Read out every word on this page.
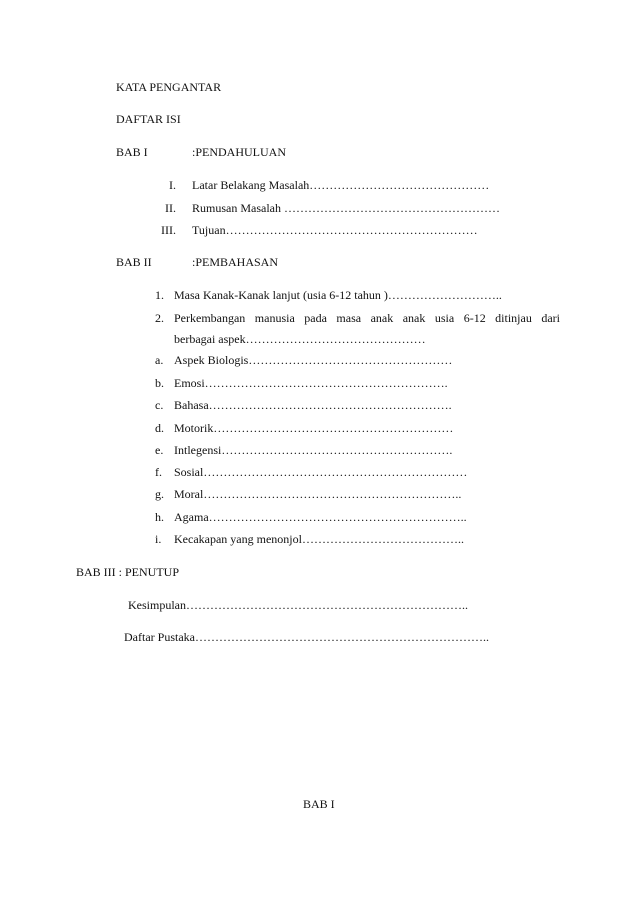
KATA PENGANTAR
DAFTAR ISI
BAB I	:PENDAHULUAN
I. Latar Belakang Masalah………………………………………
II. Rumusan Masalah ………………………………………………
III. Tujuan………………………………………………………
BAB II	:PEMBAHASAN
1. Masa Kanak-Kanak lanjut (usia 6-12 tahun )………………………..
2. Perkembangan manusia pada masa anak anak usia 6-12 ditinjau dari
berbagai aspek………………………………………
a. Aspek Biologis……………………………………………
b. Emosi…………………………………………………….
c. Bahasa…………………………………………………….
d. Motorik……………………………………………………
e. Intlegensi………………………………………………….
f. Sosial…………………………………………………………
g. Moral………………………………………………………..
h. Agama………………………………………………………..
i. Kecakapan yang menonjol…………………………………..
BAB III : PENUTUP
Kesimpulan……………………………………………………………..
Daftar Pustaka………………………………………………………………..
BAB I
